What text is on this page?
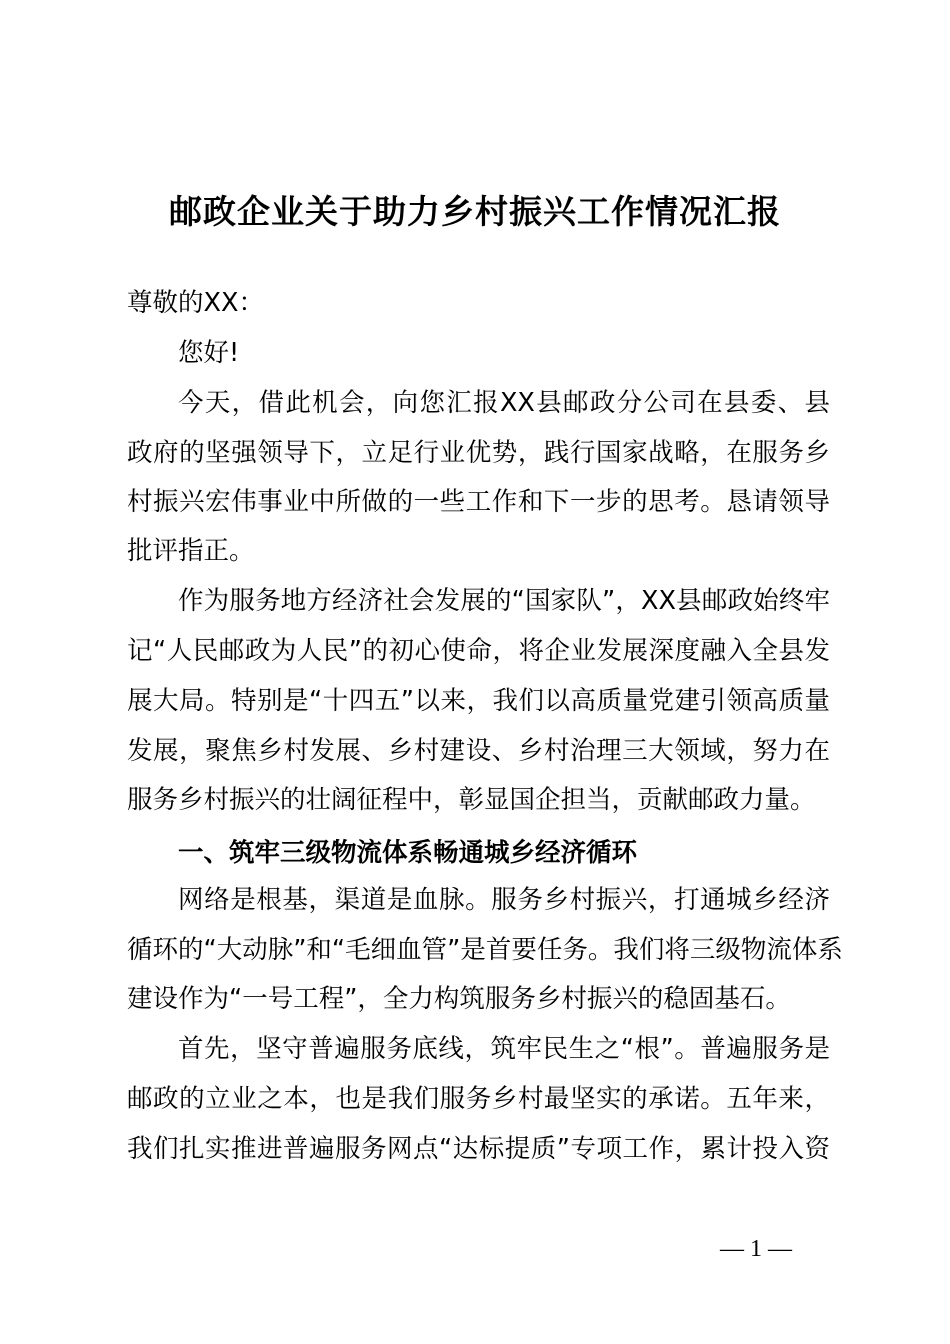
邮政企业关于助力乡村振兴工作情况汇报
尊敬的XX：
您好!
今天，借此机会，向您汇报XX县邮政分公司在县委、县
政府的坚强领导下，立足行业优势，践行国家战略，在服务乡
村振兴宏伟事业中所做的一些工作和下一步的思考。恳请领导
批评指正。
作为服务地方经济社会发展的“国家队”，XX县邮政始终牢
记“人民邮政为人民”的初心使命，将企业发展深度融入全县发
展大局。特别是“十四五”以来，我们以高质量党建引领高质量
发展，聚焦乡村发展、乡村建设、乡村治理三大领域，努力在
服务乡村振兴的壮阔征程中，彰显国企担当，贡献邮政力量。
一、筑牢三级物流体系畅通城乡经济循环
网络是根基，渠道是血脉。服务乡村振兴，打通城乡经济
循环的“大动脉”和“毛细血管”是首要任务。我们将三级物流体系
建设作为“一号工程”，全力构筑服务乡村振兴的稳固基石。
首先，坚守普遍服务底线，筑牢民生之“根”。普遍服务是
邮政的立业之本，也是我们服务乡村最坚实的承诺。五年来，
我们扎实推进普遍服务网点“达标提质”专项工作，累计投入资
— 1 —
